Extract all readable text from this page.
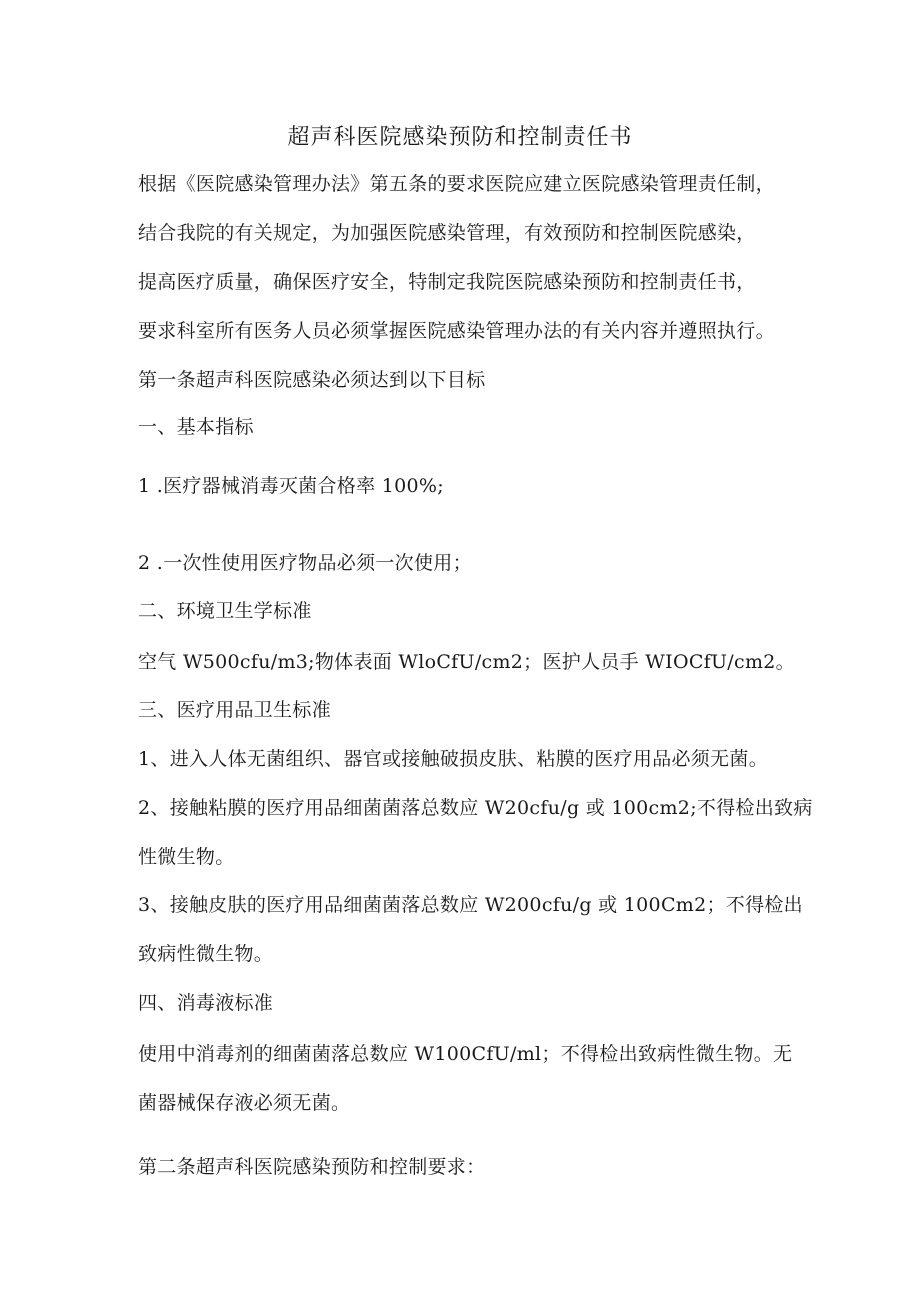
超声科医院感染预防和控制责任书
根据《医院感染管理办法》第五条的要求医院应建立医院感染管理责任制，
结合我院的有关规定，为加强医院感染管理，有效预防和控制医院感染，
提高医疗质量，确保医疗安全，特制定我院医院感染预防和控制责任书，
要求科室所有医务人员必须掌握医院感染管理办法的有关内容并遵照执行。
第一条超声科医院感染必须达到以下目标
一、基本指标
1 .医疗器械消毒灭菌合格率 100%;
2 .一次性使用医疗物品必须一次使用；
二、环境卫生学标准
空气 W500cfu∕m3;物体表面 WloCfU/cm2；医护人员手 WIOCfU/cm2。
三、医疗用品卫生标准
1、进入人体无菌组织、器官或接触破损皮肤、粘膜的医疗用品必须无菌。
2、接触粘膜的医疗用品细菌菌落总数应 W20cfu∕g 或 100cm2;不得检出致病
性微生物。
3、接触皮肤的医疗用品细菌菌落总数应 W200cfu∕g 或 100Cm2；不得检出
致病性微生物。
四、消毒液标准
使用中消毒剂的细菌菌落总数应 W100CfU/ml；不得检出致病性微生物。无
菌器械保存液必须无菌。
第二条超声科医院感染预防和控制要求：
